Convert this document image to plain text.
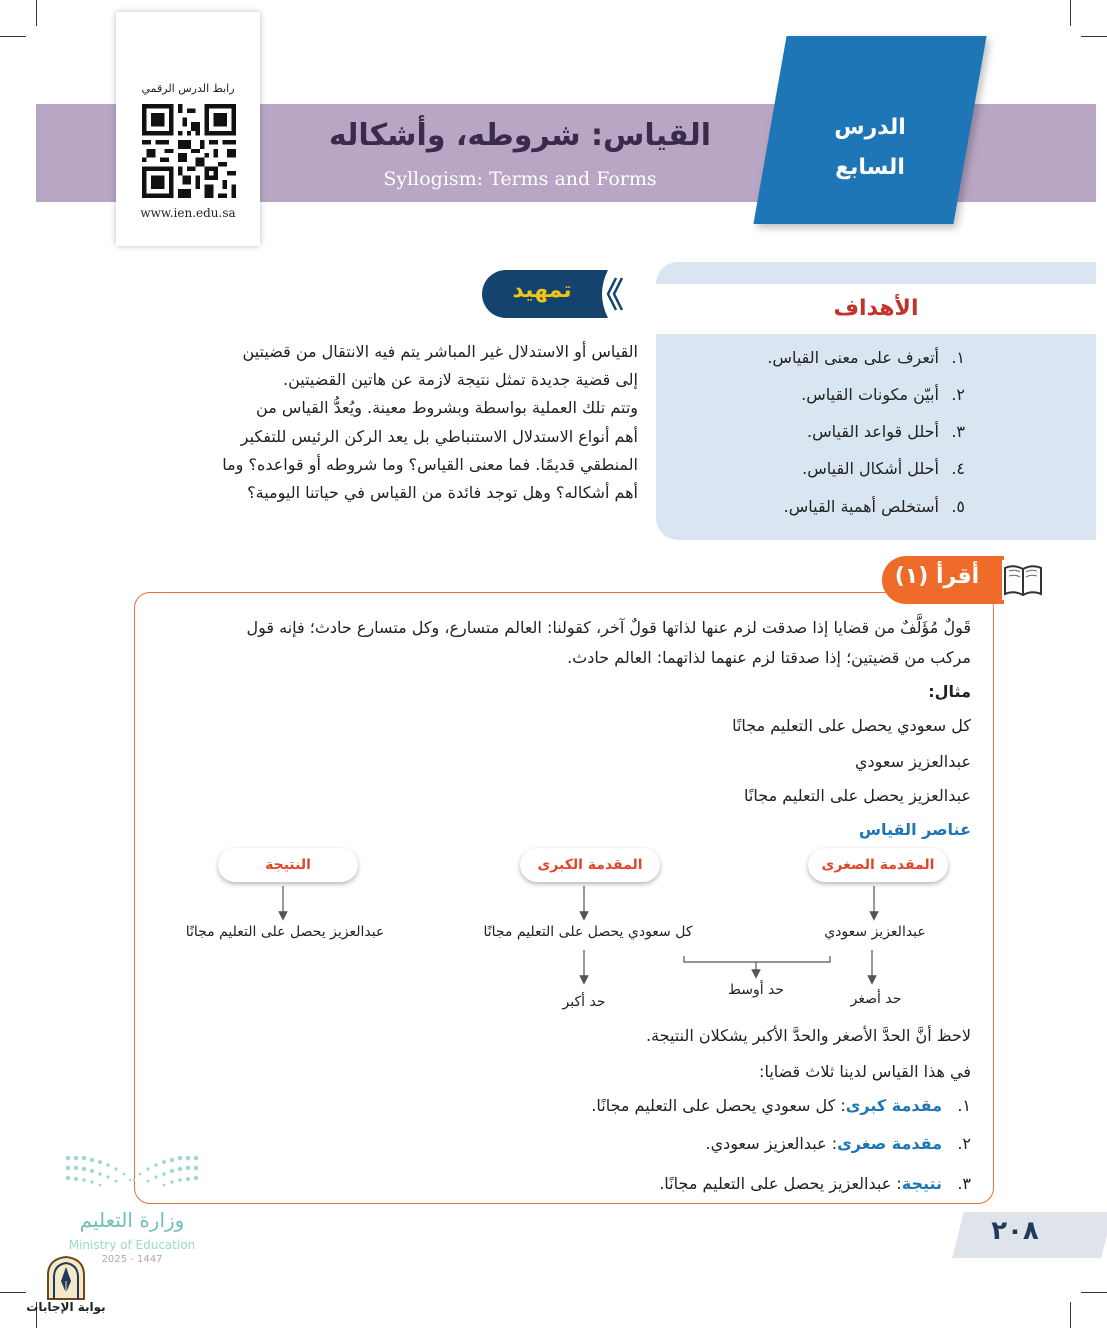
الدرس
السابع
القياس: شروطه، وأشكاله
Syllogism: Terms and Forms
رابط الدرس الرقمي
www.ien.edu.sa
الأهداف
١.أتعرف على معنى القياس.
٢.أبيّن مكونات القياس.
٣.أحلل قواعد القياس.
٤.أحلل أشكال القياس.
٥.أستخلص أهمية القياس.
تمهيد
القياس أو الاستدلال غير المباشر يتم فيه الانتقال من قضيتين
إلى قضية جديدة تمثل نتيجة لازمة عن هاتين القضيتين.
وتتم تلك العملية بواسطة وبشروط معينة. ويُعدُّ القياس من
أهم أنواع الاستدلال الاستنباطي بل يعد الركن الرئيس للتفكير
المنطقي قديمًا. فما معنى القياس؟ وما شروطه أو قواعده؟ وما
أهم أشكاله؟ وهل توجد فائدة من القياس في حياتنا اليومية؟
أقرأ (١)
قَولٌ مُؤَلَّفٌ من قضايا إذا صدقت لزم عنها لذاتها قولٌ آخر، كقولنا: العالم متسارع، وكل متسارع حادث؛ فإنه قول
مركب من قضيتين؛ إذا صدقتا لزم عنهما لذاتهما: العالم حادث.
مثال:
كل سعودي يحصل على التعليم مجانًا
عبدالعزيز سعودي
عبدالعزيز يحصل على التعليم مجانًا
عناصر القياس
المقدمة الصغرى
المقدمة الكبرى
النتيجة
عبدالعزيز سعودي
كل سعودي يحصل على التعليم مجانًا
عبدالعزيز يحصل على التعليم مجانًا
حد أصغر
حد أوسط
حد أكبر
لاحظ أنَّ الحدَّ الأصغر والحدَّ الأكبر يشكلان النتيجة.
في هذا القياس لدينا ثلاث قضايا:
١.   مقدمة كبرى: كل سعودي يحصل على التعليم مجانًا.
٢.   مقدمة صغرى: عبدالعزيز سعودي.
٣.   نتيجة: عبدالعزيز يحصل على التعليم مجانًا.
٢٠٨
وزارة التعليم
Ministry of Education
2025 - 1447
بوابة الإجابات
